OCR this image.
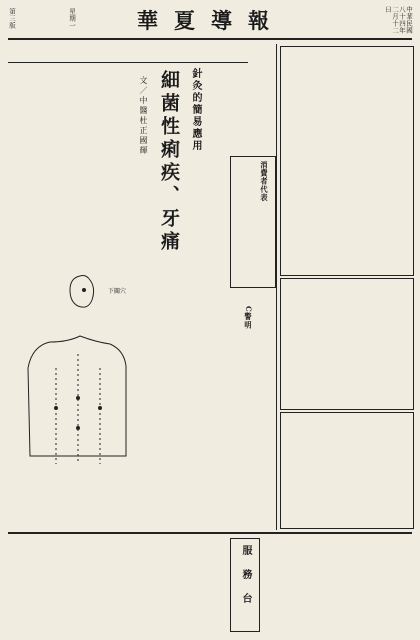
中華民國八十四年二月十二日
華夏導報
第三版	星期一
消費者代表
C警明
針灸的簡易應用
細菌性痢疾、牙痛
文／中醫杜正國輝
下關穴
服務台
